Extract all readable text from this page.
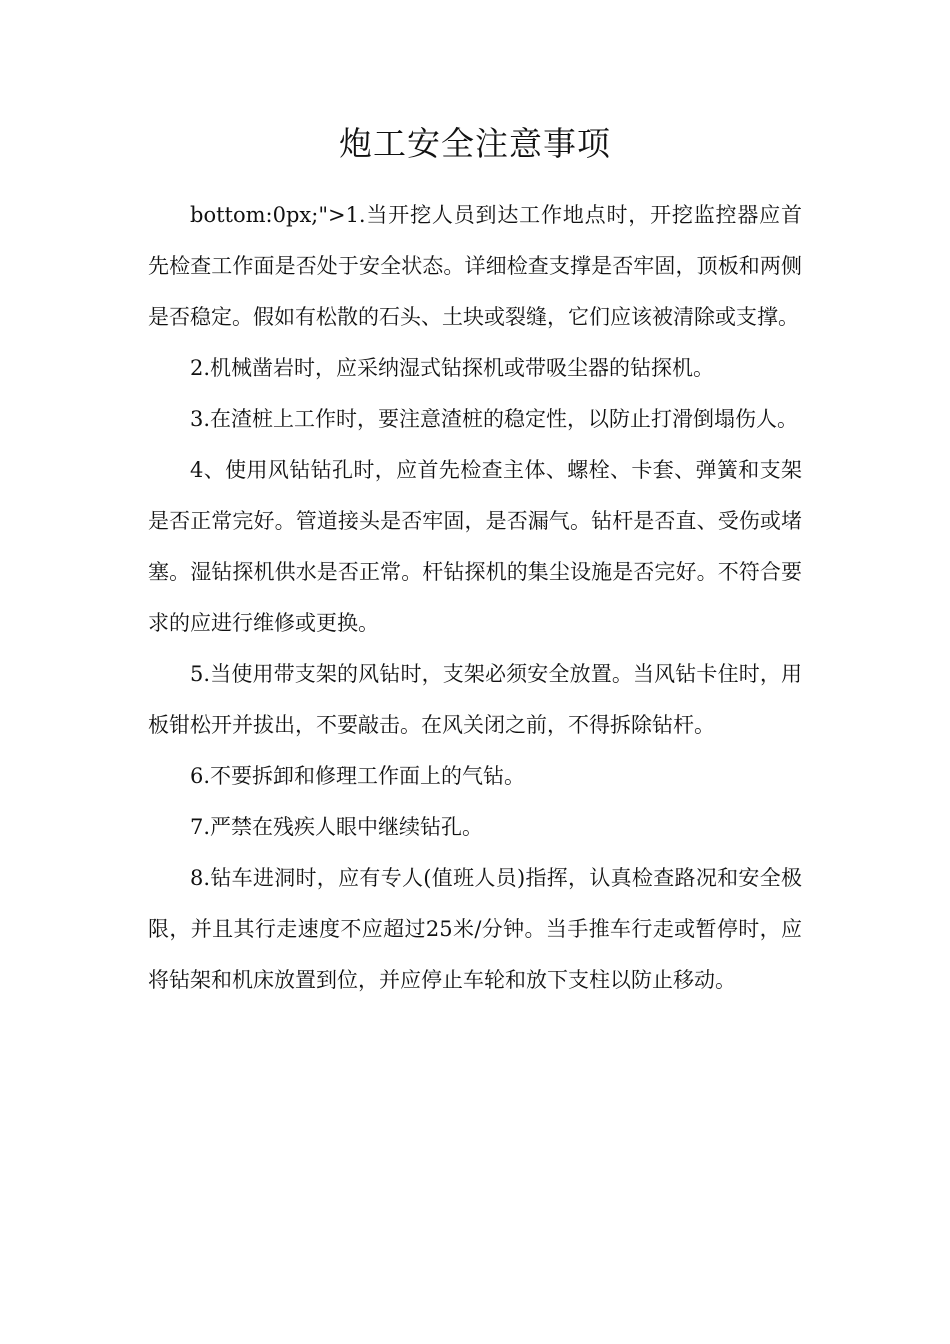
炮工安全注意事项

bottom:0px;">1.当开挖人员到达工作地点时，开挖监控器应首先检查工作面是否处于安全状态。详细检查支撑是否牢固，顶板和两侧是否稳定。假如有松散的石头、土块或裂缝，它们应该被清除或支撑。

2.机械凿岩时，应采纳湿式钻探机或带吸尘器的钻探机。

3.在渣桩上工作时，要注意渣桩的稳定性，以防止打滑倒塌伤人。

4、使用风钻钻孔时，应首先检查主体、螺栓、卡套、弹簧和支架是否正常完好。管道接头是否牢固，是否漏气。钻杆是否直、受伤或堵塞。湿钻探机供水是否正常。杆钻探机的集尘设施是否完好。不符合要求的应进行维修或更换。

5.当使用带支架的风钻时，支架必须安全放置。当风钻卡住时，用板钳松开并拔出，不要敲击。在风关闭之前，不得拆除钻杆。

6.不要拆卸和修理工作面上的气钻。

7.严禁在残疾人眼中继续钻孔。

8.钻车进洞时，应有专人(值班人员)指挥，认真检查路况和安全极限，并且其行走速度不应超过25米/分钟。当手推车行走或暂停时，应将钻架和机床放置到位，并应停止车轮和放下支柱以防止移动。
